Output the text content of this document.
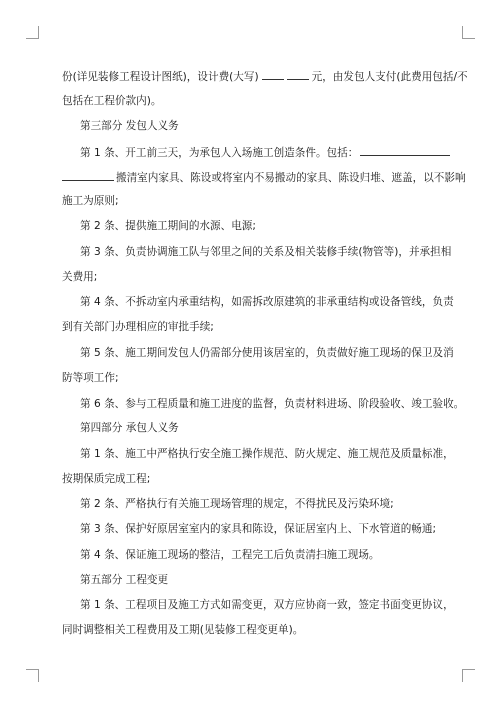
份(详见装修工程设计图纸)，设计费(大写)	元，由发包人支付(此费用包括/不
包括在工程价款内)。
第三部分 发包人义务
第 1 条、开工前三天，为承包人入场施工创造条件。包括：
搬清室内家具、陈设或将室内不易搬动的家具、陈设归堆、遮盖，以不影响
施工为原则;
第 2 条、提供施工期间的水源、电源;
第 3 条、负责协调施工队与邻里之间的关系及相关装修手续(物管等)，并承担相
关费用;
第 4 条、不拆动室内承重结构，如需拆改原建筑的非承重结构或设备管线，负责
到有关部门办理相应的审批手续;
第 5 条、施工期间发包人仍需部分使用该居室的，负责做好施工现场的保卫及消
防等项工作;
第 6 条、参与工程质量和施工进度的监督，负责材料进场、阶段验收、竣工验收。
第四部分 承包人义务
第 1 条、施工中严格执行安全施工操作规范、防火规定、施工规范及质量标准，
按期保质完成工程;
第 2 条、严格执行有关施工现场管理的规定，不得扰民及污染环境;
第 3 条、保护好原居室室内的家具和陈设，保证居室内上、下水管道的畅通;
第 4 条、保证施工现场的整洁，工程完工后负责清扫施工现场。
第五部分 工程变更
第 1 条、工程项目及施工方式如需变更，双方应协商一致，签定书面变更协议，
同时调整相关工程费用及工期(见装修工程变更单)。
